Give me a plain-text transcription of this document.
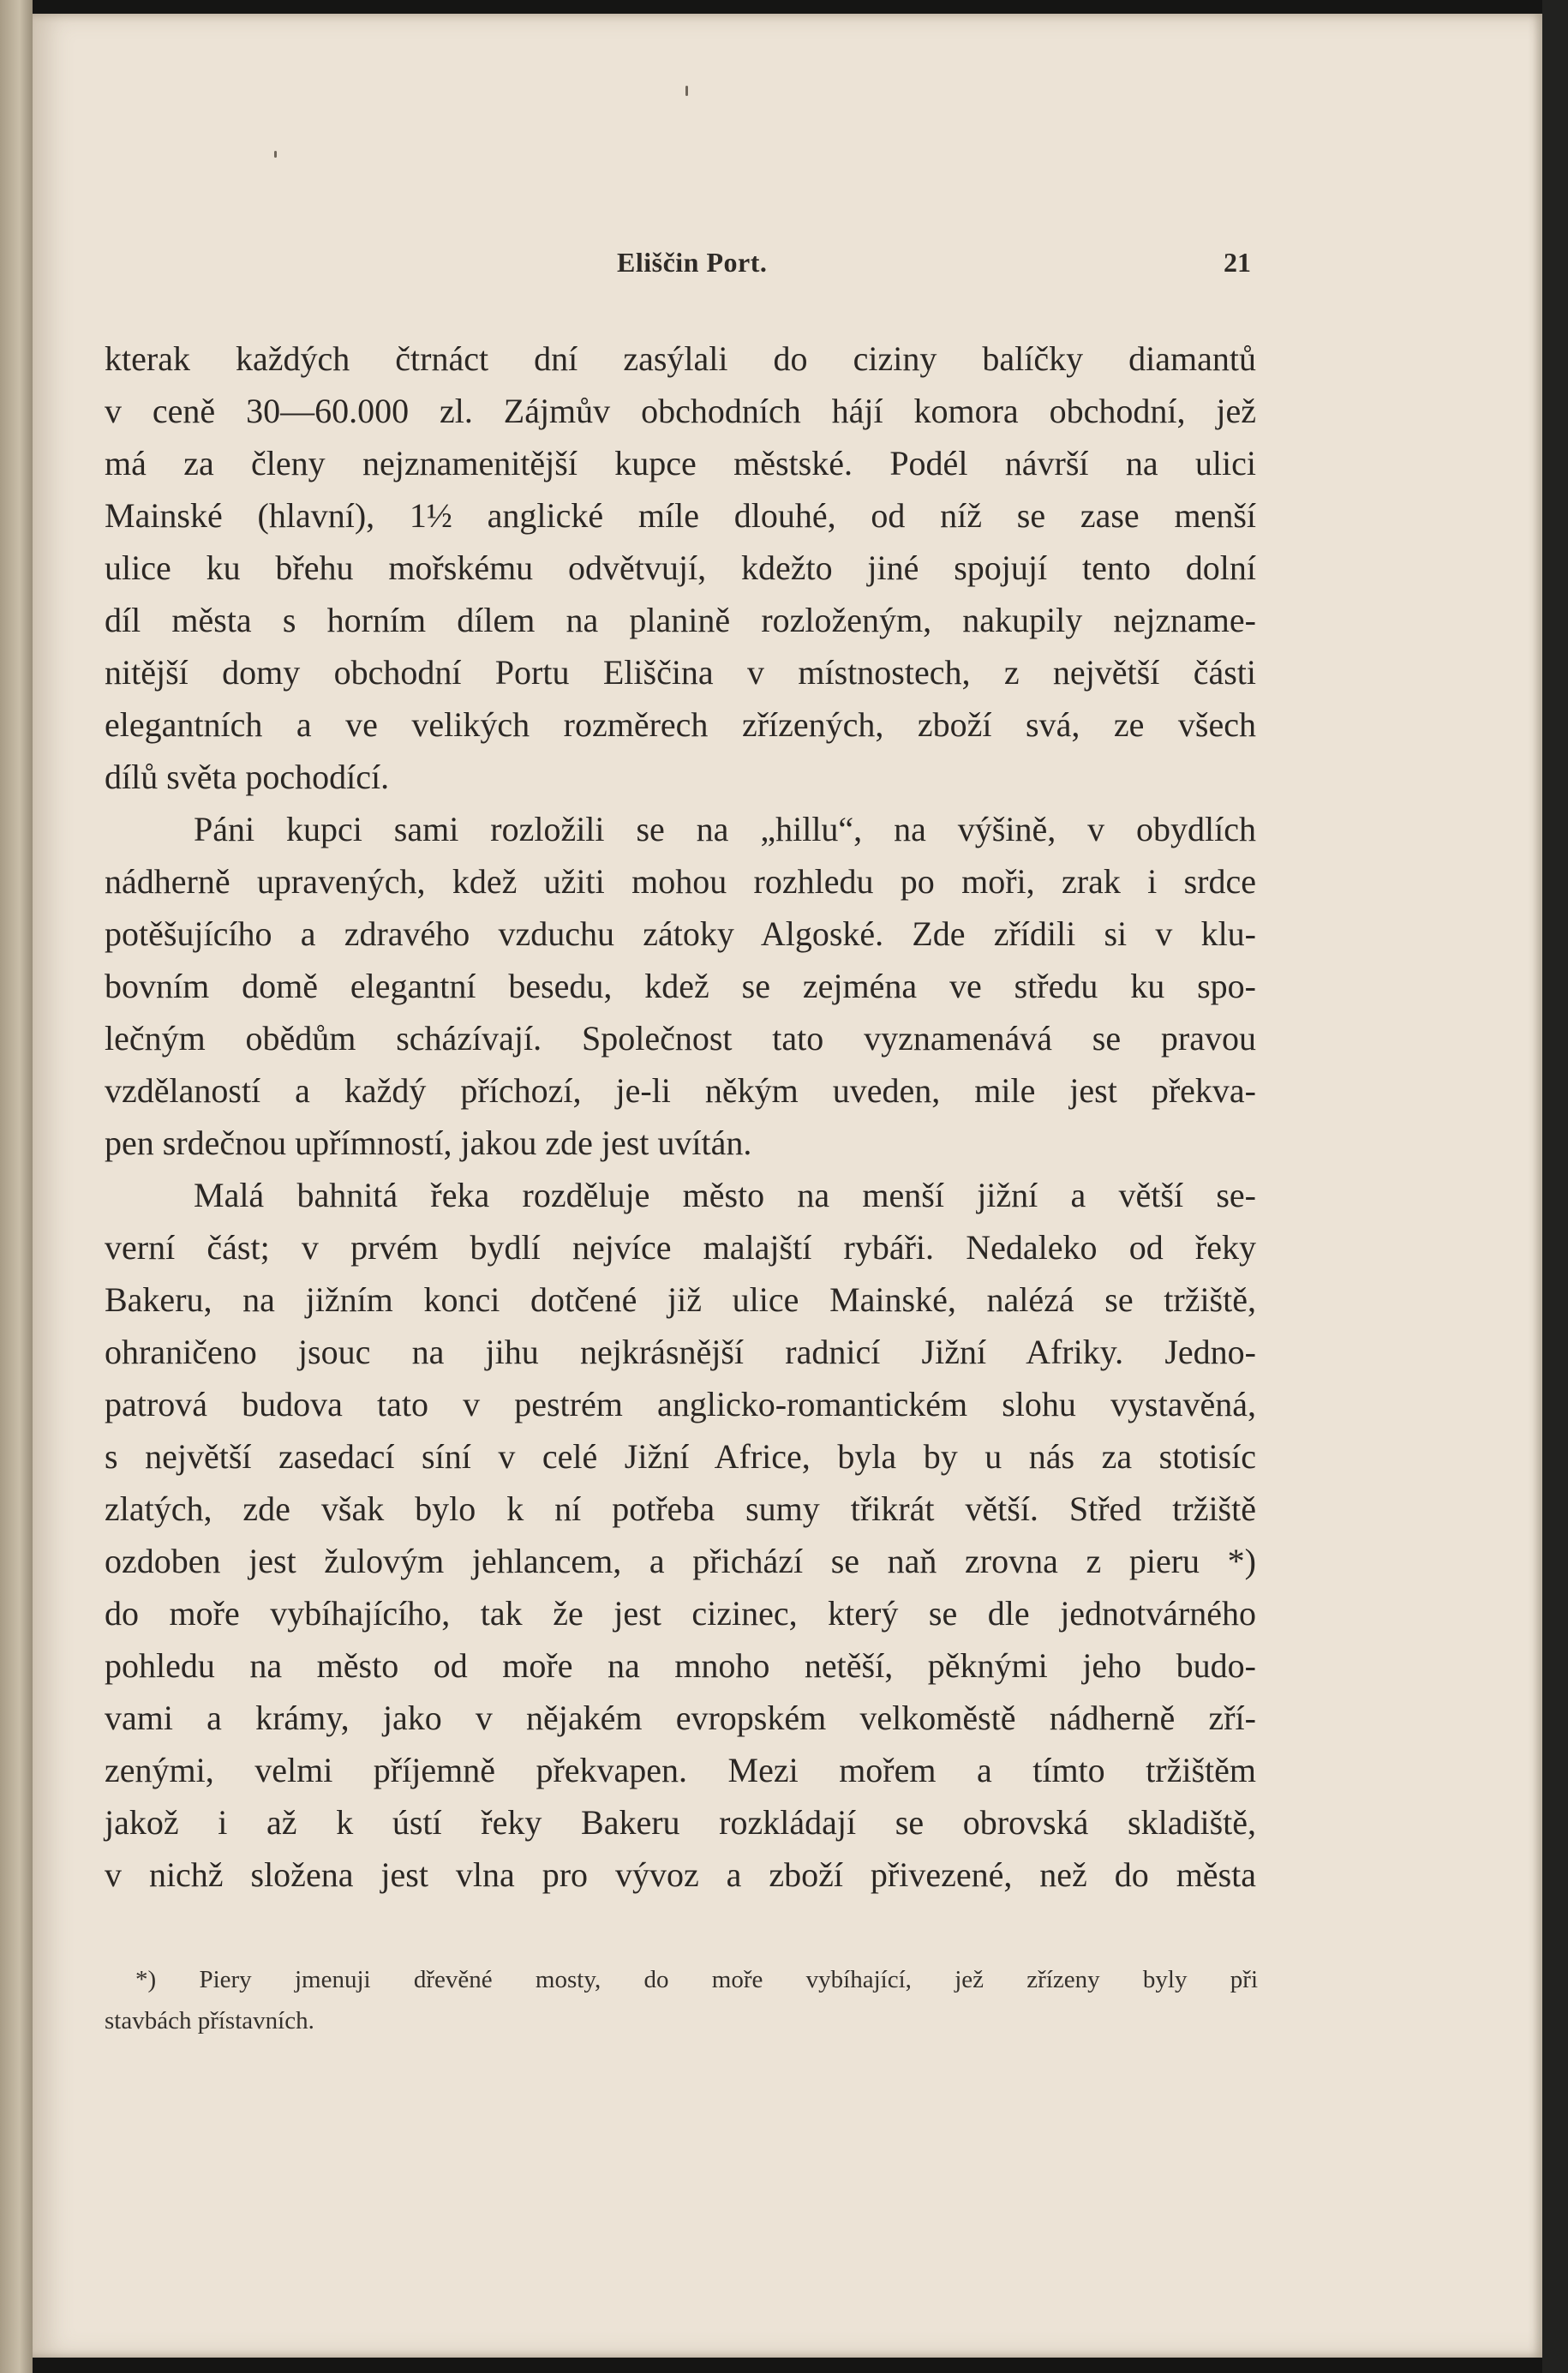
Eliščin Port.	21
kterak každých čtrnáct dní zasýlali do ciziny balíčky diamantů
v ceně 30—60.000 zl. Zájmův obchodních hájí komora obchodní, jež
má za členy nejznamenitější kupce městské. Podél návrší na ulici
Mainské (hlavní), 1½ anglické míle dlouhé, od níž se zase menší
ulice ku břehu mořskému odvětvují, kdežto jiné spojují tento dolní
díl města s horním dílem na planině rozloženým, nakupily nejzname-
nitější domy obchodní Portu Eliščina v místnostech, z největší části
elegantních a ve velikých rozměrech zřízených, zboží svá, ze všech
dílů světa pochodící.
Páni kupci sami rozložili se na „hillu“, na výšině, v obydlích
nádherně upravených, kdež užiti mohou rozhledu po moři, zrak i srdce
potěšujícího a zdravého vzduchu zátoky Algoské. Zde zřídili si v klu-
bovním domě elegantní besedu, kdež se zejména ve středu ku spo-
lečným obědům scházívají. Společnost tato vyznamenává se pravou
vzdělaností a každý příchozí, je-li někým uveden, mile jest překva-
pen srdečnou upřímností, jakou zde jest uvítán.
Malá bahnitá řeka rozděluje město na menší jižní a větší se-
verní část; v prvém bydlí nejvíce malajští rybáři. Nedaleko od řeky
Bakeru, na jižním konci dotčené již ulice Mainské, nalézá se tržiště,
ohraničeno jsouc na jihu nejkrásnější radnicí Jižní Afriky. Jedno-
patrová budova tato v pestrém anglicko-romantickém slohu vystavěná,
s největší zasedací síní v celé Jižní Africe, byla by u nás za stotisíc
zlatých, zde však bylo k ní potřeba sumy třikrát větší. Střed tržiště
ozdoben jest žulovým jehlancem, a přichází se naň zrovna z pieru *)
do moře vybíhajícího, tak že jest cizinec, který se dle jednotvárného
pohledu na město od moře na mnoho netěší, pěknými jeho budo-
vami a krámy, jako v nějakém evropském velkoměstě nádherně zří-
zenými, velmi příjemně překvapen. Mezi mořem a tímto tržištěm
jakož i až k ústí řeky Bakeru rozkládají se obrovská skladiště,
v nichž složena jest vlna pro vývoz a zboží přivezené, než do města
*) Piery jmenuji dřevěné mosty, do moře vybíhající, jež zřízeny byly při
stavbách přístavních.
